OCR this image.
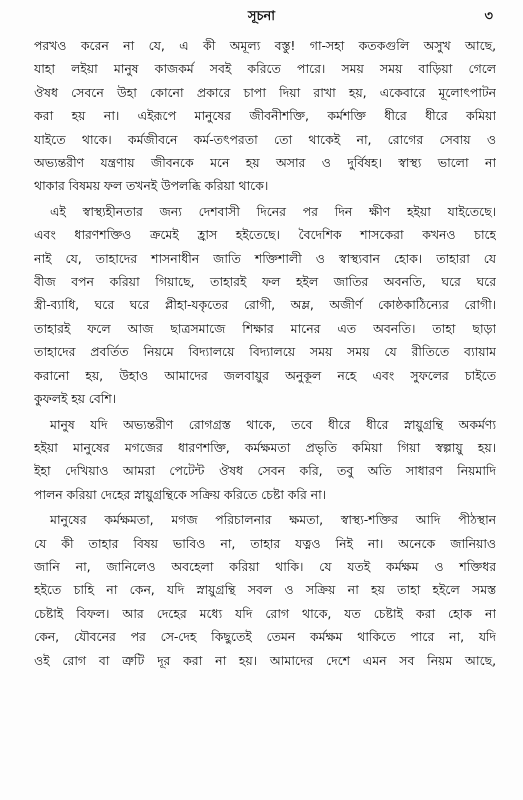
সূচনা	৩
পরখও করেন না যে, এ কী অমূল্য বস্তু! গা-সহা কতকগুলি অসুখ আছে,
যাহা লইয়া মানুষ কাজকর্ম সবই করিতে পারে। সময় সময় বাড়িয়া গেলে
ঔষধ সেবনে উহা কোনো প্রকারে চাপা দিয়া রাখা হয়, একেবারে মূলোৎপাটন
করা হয় না। এইরূপে মানুষের জীবনীশক্তি, কর্মশক্তি ধীরে ধীরে কমিয়া
যাইতে থাকে। কর্মজীবনে কর্ম-তৎপরতা তো থাকেই না, রোগের সেবায় ও
অভ্যন্তরীণ যন্ত্রণায় জীবনকে মনে হয় অসার ও দুর্বিষহ। স্বাস্থ্য ভালো না
থাকার বিষময় ফল তখনই উপলব্ধি করিয়া থাকে।
এই স্বাস্থ্যহীনতার জন্য দেশবাসী দিনের পর দিন ক্ষীণ হইয়া যাইতেছে।
এবং ধারণশক্তিও ক্রমেই হ্রাস হইতেছে। বৈদেশিক শাসকেরা কখনও চাহে
নাই যে, তাহাদের শাসনাধীন জাতি শক্তিশালী ও স্বাস্থ্যবান হোক। তাহারা যে
বীজ বপন করিয়া গিয়াছে, তাহারই ফল হইল জাতির অবনতি, ঘরে ঘরে
স্ত্রী-ব্যাধি, ঘরে ঘরে প্লীহা-যকৃতের রোগী, অম্ল, অজীর্ণ কোষ্ঠকাঠিন্যের রোগী।
তাহারই ফলে আজ ছাত্রসমাজে শিক্ষার মানের এত অবনতি। তাহা ছাড়া
তাহাদের প্রবর্তিত নিয়মে বিদ্যালয়ে বিদ্যালয়ে সময় সময় যে রীতিতে ব্যায়াম
করানো হয়, উহাও আমাদের জলবায়ুর অনুকূল নহে এবং সুফলের চাইতে
কুফলই হয় বেশি।
মানুষ যদি অভ্যন্তরীণ রোগগ্রস্ত থাকে, তবে ধীরে ধীরে স্নায়ুগ্রন্থি অকর্মণ্য
হইয়া মানুষের মগজের ধারণশক্তি, কর্মক্ষমতা প্রভৃতি কমিয়া গিয়া স্বল্পায়ু হয়।
ইহা দেখিয়াও আমরা পেটেন্ট ঔষধ সেবন করি, তবু অতি সাধারণ নিয়মাদি
পালন করিয়া দেহের স্নায়ুগ্রন্থিকে সক্রিয় করিতে চেষ্টা করি না।
মানুষের কর্মক্ষমতা, মগজ পরিচালনার ক্ষমতা, স্বাস্থ্য-শক্তির আদি পীঠস্থান
যে কী তাহার বিষয় ভাবিও না, তাহার যত্নও নিই না। অনেকে জানিয়াও
জানি না, জানিলেও অবহেলা করিয়া থাকি। যে যতই কর্মক্ষম ও শক্তিধর
হইতে চাহি না কেন, যদি স্নায়ুগ্রন্থি সবল ও সক্রিয় না হয় তাহা হইলে সমস্ত
চেষ্টাই বিফল। আর দেহের মধ্যে যদি রোগ থাকে, যত চেষ্টাই করা হোক না
কেন, যৌবনের পর সে-দেহ কিছুতেই তেমন কর্মক্ষম থাকিতে পারে না, যদি
ওই রোগ বা ত্রুটি দূর করা না হয়। আমাদের দেশে এমন সব নিয়ম আছে,
